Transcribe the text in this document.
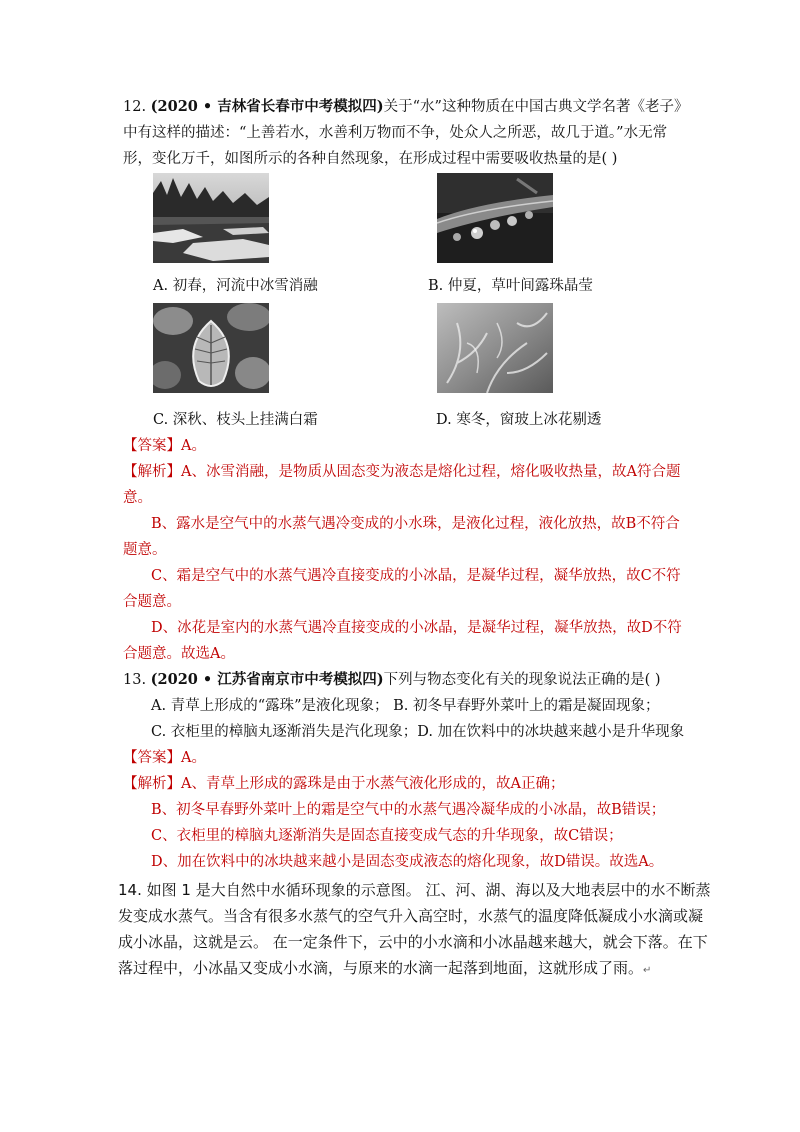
12. (2020 • 吉林省长春市中考模拟四)关于“水”这种物质在中国古典文学名著《老子》
中有这样的描述：“上善若水，水善利万物而不争，处众人之所恶，故几于道。”水无常
形，变化万千，如图所示的各种自然现象，在形成过程中需要吸收热量的是( )
A. 初春，河流中冰雪消融	B. 仲夏，草叶间露珠晶莹
C. 深秋、枝头上挂满白霜	D. 寒冬，窗玻上冰花剔透
【答案】A。
【解析】A、冰雪消融，是物质从固态变为液态是熔化过程，熔化吸收热量，故A符合题
意。
B、露水是空气中的水蒸气遇冷变成的小水珠，是液化过程，液化放热，故B不符合
题意。
C、霜是空气中的水蒸气遇冷直接变成的小冰晶，是凝华过程，凝华放热，故C不符
合题意。
D、冰花是室内的水蒸气遇冷直接变成的小冰晶，是凝华过程，凝华放热，故D不符
合题意。故选A。
13. (2020 • 江苏省南京市中考模拟四)下列与物态变化有关的现象说法正确的是( )
A. 青草上形成的“露珠”是液化现象； B. 初冬早春野外菜叶上的霜是凝固现象；
C. 衣柜里的樟脑丸逐渐消失是汽化现象；D. 加在饮料中的冰块越来越小是升华现象
【答案】A。
【解析】A、青草上形成的露珠是由于水蒸气液化形成的，故A正确；
B、初冬早春野外菜叶上的霜是空气中的水蒸气遇冷凝华成的小冰晶，故B错误；
C、衣柜里的樟脑丸逐渐消失是固态直接变成气态的升华现象，故C错误；
D、加在饮料中的冰块越来越小是固态变成液态的熔化现象，故D错误。故选A。
14. 如图 1 是大自然中水循环现象的示意图。 江、河、湖、海以及大地表层中的水不断蒸
发变成水蒸气。当含有很多水蒸气的空气升入高空时，水蒸气的温度降低凝成小水滴或凝
成小冰晶，这就是云。 在一定条件下，云中的小水滴和小冰晶越来越大，就会下落。在下
落过程中，小冰晶又变成小水滴，与原来的水滴一起落到地面，这就形成了雨。↵
